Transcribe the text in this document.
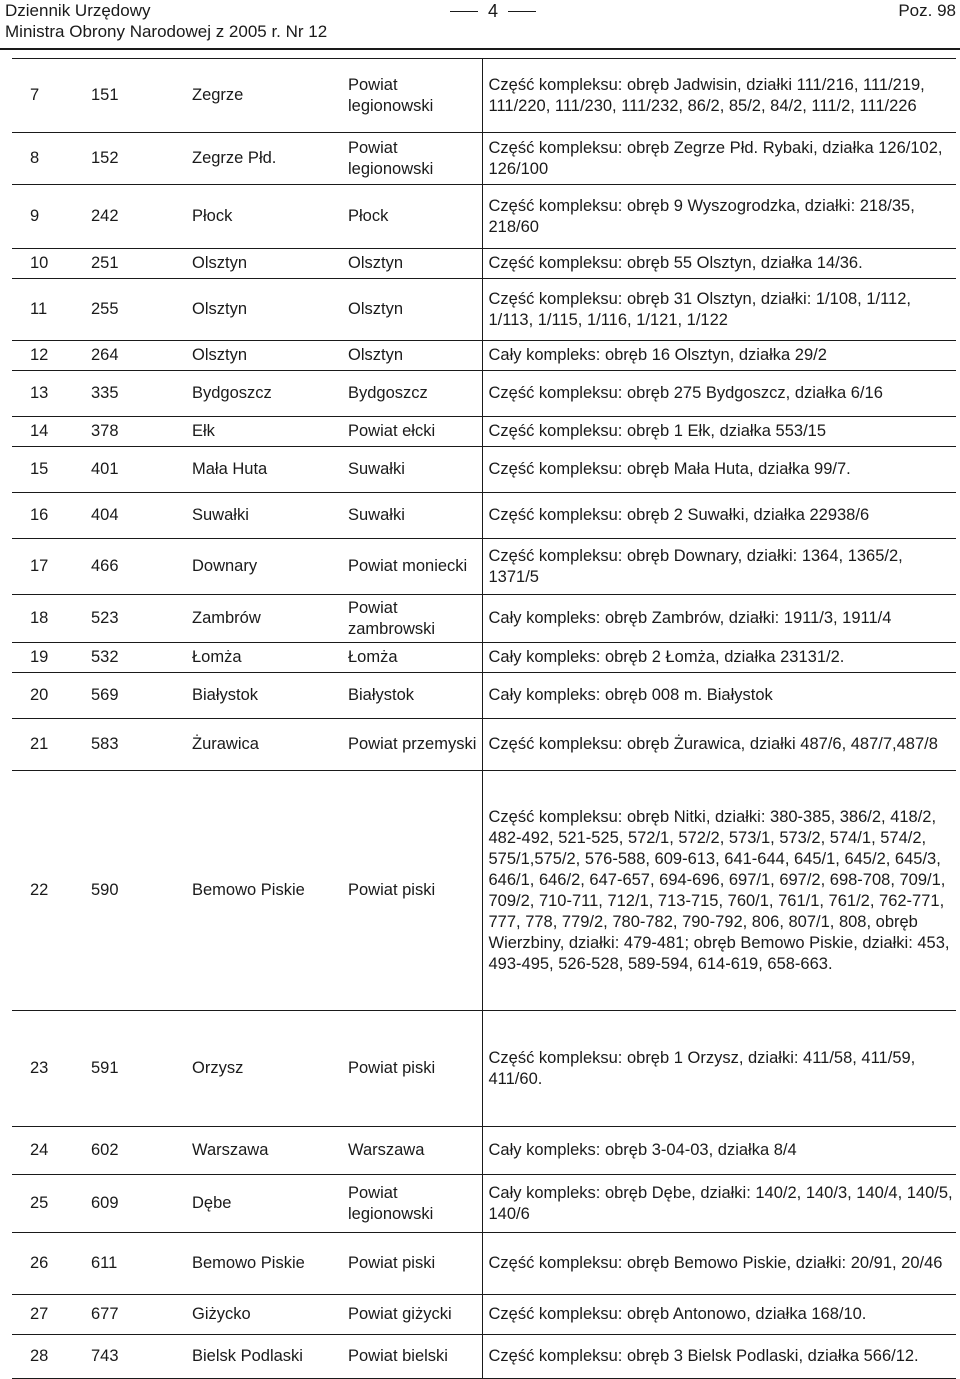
Dziennik Urzędowy
Ministra Obrony Narodowej z 2005 r. Nr 12
4	Poz. 98
7	151	Zegrze	Powiat legionowski	Część kompleksu: obręb Jadwisin, działki 111/216, 111/219, 111/220, 111/230, 111/232, 86/2, 85/2, 84/2, 111/2, 111/226
8	152	Zegrze Płd.	Powiat legionowski	Część kompleksu: obręb Zegrze Płd. Rybaki, działka 126/102, 126/100
9	242	Płock	Płock	Część kompleksu: obręb 9 Wyszogrodzka, działki: 218/35, 218/60
10	251	Olsztyn	Olsztyn	Część kompleksu: obręb 55 Olsztyn, działka 14/36.
11	255	Olsztyn	Olsztyn	Część kompleksu: obręb 31 Olsztyn, działki: 1/108, 1/112, 1/113, 1/115, 1/116, 1/121, 1/122
12	264	Olsztyn	Olsztyn	Cały kompleks: obręb 16 Olsztyn, działka 29/2
13	335	Bydgoszcz	Bydgoszcz	Część kompleksu: obręb 275 Bydgoszcz, działka 6/16
14	378	Ełk	Powiat ełcki	Część kompleksu: obręb 1 Ełk, działka 553/15
15	401	Mała Huta	Suwałki	Część kompleksu: obręb Mała Huta, działka 99/7.
16	404	Suwałki	Suwałki	Część kompleksu: obręb 2 Suwałki, działka 22938/6
17	466	Downary	Powiat moniecki	Część kompleksu: obręb Downary, działki: 1364, 1365/2, 1371/5
18	523	Zambrów	Powiat zambrowski	Cały kompleks: obręb Zambrów, działki: 1911/3, 1911/4
19	532	Łomża	Łomża	Cały kompleks: obręb 2 Łomża, działka 23131/2.
20	569	Białystok	Białystok	Cały kompleks: obręb 008 m. Białystok
21	583	Żurawica	Powiat przemyski	Część kompleksu: obręb Żurawica, działki 487/6, 487/7,487/8
22	590	Bemowo Piskie	Powiat piski	Część kompleksu: obręb Nitki, działki: 380-385, 386/2, 418/2, 482-492, 521-525, 572/1, 572/2, 573/1, 573/2, 574/1, 574/2, 575/1,575/2, 576-588, 609-613, 641-644, 645/1, 645/2, 645/3, 646/1, 646/2, 647-657, 694-696, 697/1, 697/2, 698-708, 709/1, 709/2, 710-711, 712/1, 713-715, 760/1, 761/1, 761/2, 762-771, 777, 778, 779/2, 780-782, 790-792, 806, 807/1, 808, obręb Wierzbiny, działki: 479-481; obręb Bemowo Piskie, działki: 453, 493-495, 526-528, 589-594, 614-619, 658-663.
23	591	Orzysz	Powiat piski	Część kompleksu: obręb 1 Orzysz, działki: 411/58, 411/59, 411/60.
24	602	Warszawa	Warszawa	Cały kompleks: obręb 3-04-03, działka 8/4
25	609	Dębe	Powiat legionowski	Cały kompleks: obręb Dębe, działki: 140/2, 140/3, 140/4, 140/5, 140/6
26	611	Bemowo Piskie	Powiat piski	Część kompleksu: obręb Bemowo Piskie, działki: 20/91, 20/46
27	677	Giżycko	Powiat giżycki	Część kompleksu: obręb Antonowo, działka 168/10.
28	743	Bielsk Podlaski	Powiat bielski	Część kompleksu: obręb 3 Bielsk Podlaski, działka 566/12.
